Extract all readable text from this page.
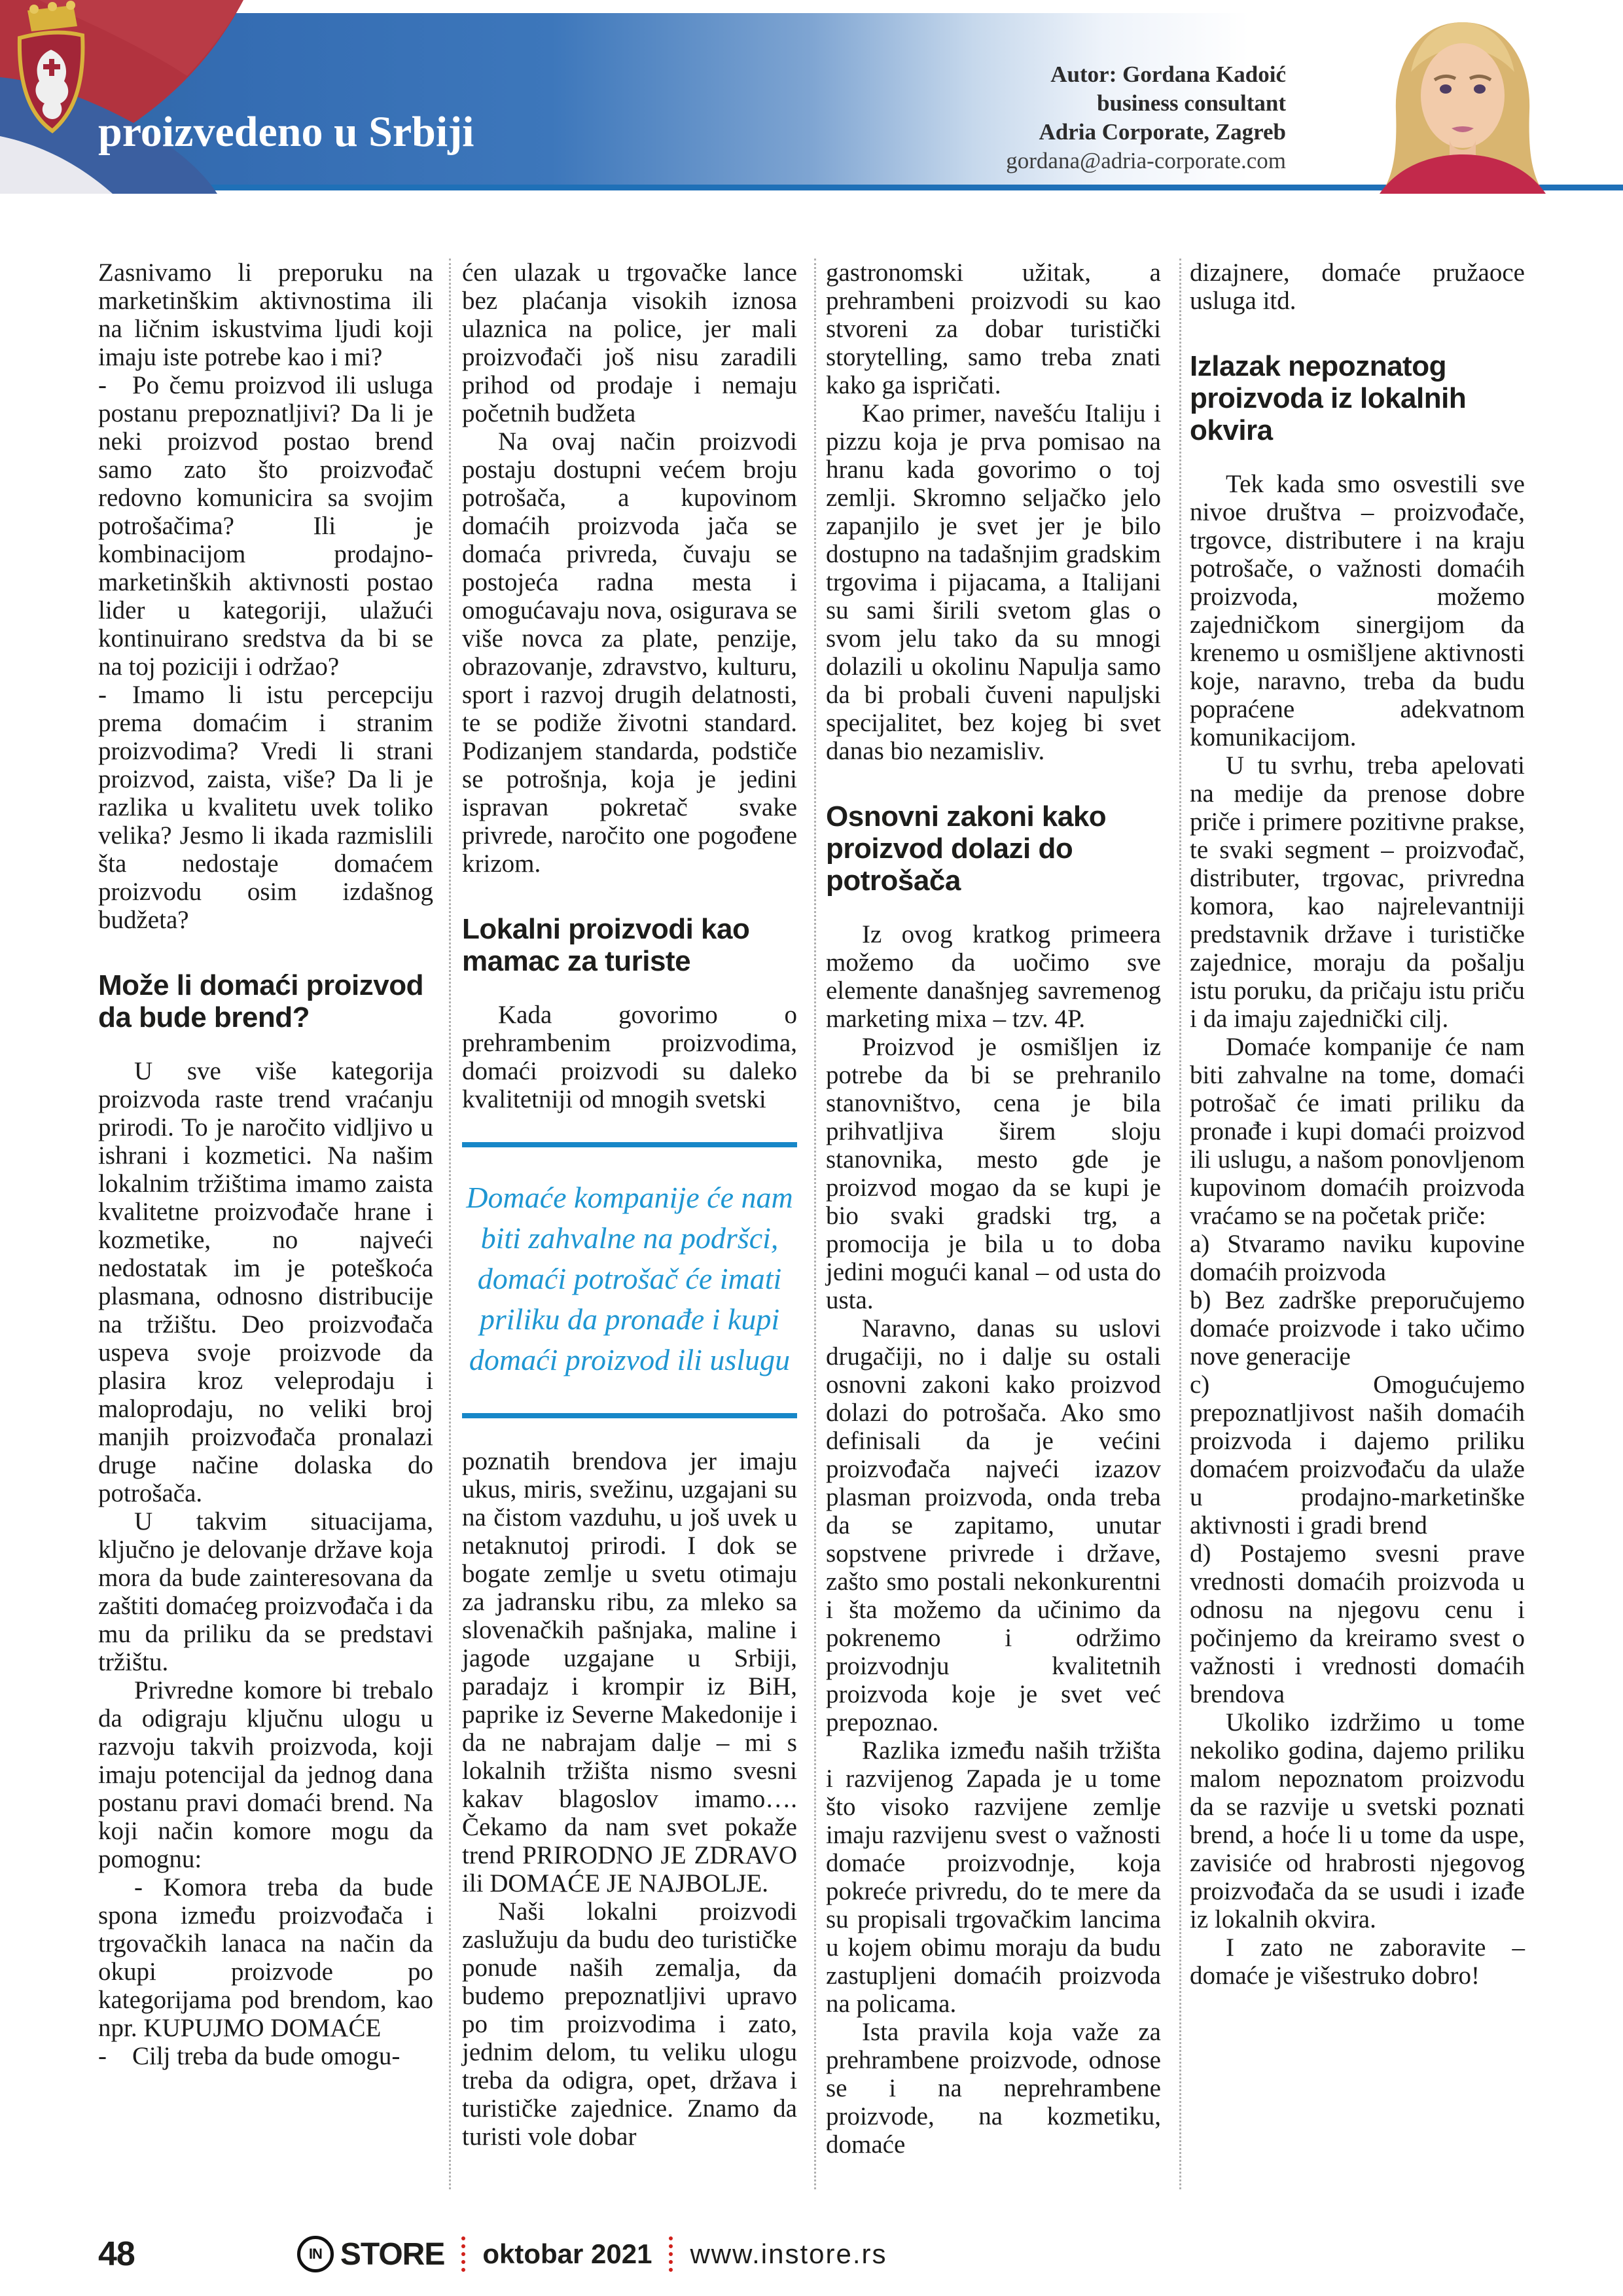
proizvedeno u Srbiji
Autor: Gordana Kadoić
business consultant
Adria Corporate, Zagreb
gordana@adria-corporate.com

Zasnivamo li preporuku na marketinškim aktivnostima ili na ličnim iskustvima ljudi koji imaju iste potrebe kao i mi?

-  Po čemu proizvod ili usluga postanu prepoznatljivi? Da li je neki proizvod postao brend samo zato što proizvođač redovno komunicira sa svojim potrošačima? Ili je kombinacijom prodajno-marketinških aktivnosti postao lider u kategoriji, ulažući kontinuirano sredstva da bi se na toj poziciji i održao?

-  Imamo li istu percepciju prema domaćim i stranim proizvodima? Vredi li strani proizvod, zaista, više? Da li je razlika u kvalitetu uvek toliko velika? Jesmo li ikada razmislili šta nedostaje domaćem proizvodu osim izdašnog budžeta?

Može li domaći proizvod da bude brend?

U sve više kategorija proizvoda raste trend vraćanju prirodi. To je naročito vidljivo u ishrani i kozmetici. Na našim lokalnim tržištima imamo zaista kvalitetne proizvođače hrane i kozmetike, no najveći nedostatak im je poteškoća plasmana, odnosno distribucije na tržištu. Deo proizvođača uspeva svoje proizvode da plasira kroz veleprodaju i maloprodaju, no veliki broj manjih proizvođača pronalazi druge načine dolaska do potrošača.

U takvim situacijama, ključno je delovanje države koja mora da bude zainteresovana da zaštiti domaćeg proizvođača i da mu da priliku da se predstavi tržištu.

Privredne komore bi trebalo da odigraju ključnu ulogu u razvoju takvih proizvoda, koji imaju potencijal da jednog dana postanu pravi domaći brend. Na koji način komore mogu da pomognu:

- Komora treba da bude spona između proizvođača i trgovačkih lanaca na način da okupi proizvode po kategorijama pod brendom, kao npr. KUPUJMO DOMAĆE

-  Cilj treba da bude omogu-

ćen ulazak u trgovačke lance bez plaćanja visokih iznosa ulaznica na police, jer mali proizvođači još nisu zaradili prihod od prodaje i nemaju početnih budžeta

Na ovaj način proizvodi postaju dostupni većem broju potrošača, a kupovinom domaćih proizvoda jača se domaća privreda, čuvaju se postojeća radna mesta i omogućavaju nova, osigurava se više novca za plate, penzije, obrazovanje, zdravstvo, kulturu, sport i razvoj drugih delatnosti, te se podiže životni standard. Podizanjem standarda, podstiče se potrošnja, koja je jedini ispravan pokretač svake privrede, naročito one pogođene krizom.

Lokalni proizvodi kao mamac za turiste

Kada govorimo o prehrambenim proizvodima, domaći proizvodi su daleko kvalitetniji od mnogih svetski

Domaće kompanije će nam biti zahvalne na podršci, domaći potrošač će imati priliku da pronađe i kupi domaći proizvod ili uslugu

poznatih brendova jer imaju ukus, miris, svežinu, uzgajani su na čistom vazduhu, u još uvek u netaknutoj prirodi. I dok se bogate zemlje u svetu otimaju za jadransku ribu, za mleko sa slovenačkih pašnjaka, maline i jagode uzgajane u Srbiji, paradajz i krompir iz BiH, paprike iz Severne Makedonije i da ne nabrajam dalje – mi s lokalnih tržišta nismo svesni kakav blagoslov imamo…. Čekamo da nam svet pokaže trend PRIRODNO JE ZDRAVO ili DOMAĆE JE NAJBOLJE.

Naši lokalni proizvodi zaslužuju da budu deo turističke ponude naših zemalja, da budemo prepoznatljivi upravo po tim proizvodima i zato, jednim delom, tu veliku ulogu treba da odigra, opet, država i turističke zajednice. Znamo da turisti vole dobar

gastronomski užitak, a prehrambeni proizvodi su kao stvoreni za dobar turistički storytelling, samo treba znati kako ga ispričati.

Kao primer, navešću Italiju i pizzu koja je prva pomisao na hranu kada govorimo o toj zemlji. Skromno seljačko jelo zapanjilo je svet jer je bilo dostupno na tadašnjim gradskim trgovima i pijacama, a Italijani su sami širili svetom glas o svom jelu tako da su mnogi dolazili u okolinu Napulja samo da bi probali čuveni napuljski specijalitet, bez kojeg bi svet danas bio nezamisliv.

Osnovni zakoni kako proizvod dolazi do potrošača

Iz ovog kratkog primeera možemo da uočimo sve elemente današnjeg savremenog marketing mixa – tzv. 4P.

Proizvod je osmišljen iz potrebe da bi se prehranilo stanovništvo, cena je bila prihvatljiva širem sloju stanovnika, mesto gde je proizvod mogao da se kupi je bio svaki gradski trg, a promocija je bila u to doba jedini mogući kanal – od usta do usta.

Naravno, danas su uslovi drugačiji, no i dalje su ostali osnovni zakoni kako proizvod dolazi do potrošača. Ako smo definisali da je većini proizvođača najveći izazov plasman proizvoda, onda treba da se zapitamo, unutar sopstvene privrede i države, zašto smo postali nekonkurentni i šta možemo da učinimo da pokrenemo i održimo proizvodnju kvalitetnih proizvoda koje je svet već prepoznao.

Razlika između naših tržišta i razvijenog Zapada je u tome što visoko razvijene zemlje imaju razvijenu svest o važnosti domaće proizvodnje, koja pokreće privredu, do te mere da su propisali trgovačkim lancima u kojem obimu moraju da budu zastupljeni domaćih proizvoda na policama.

Ista pravila koja važe za prehrambene proizvode, odnose se i na neprehrambene proizvode, na kozmetiku, domaće

dizajnere, domaće pružaoce usluga itd.

Izlazak nepoznatog proizvoda iz lokalnih okvira

Tek kada smo osvestili sve nivoe društva – proizvođače, trgovce, distributere i na kraju potrošače, o važnosti domaćih proizvoda, možemo zajedničkom sinergijom da krenemo u osmišljene aktivnosti koje, naravno, treba da budu popraćene adekvatnom komunikacijom.

U tu svrhu, treba apelovati na medije da prenose dobre priče i primere pozitivne prakse, te svaki segment – proizvođač, distributer, trgovac, privredna komora, kao najrelevantniji predstavnik države i turističke zajednice, moraju da pošalju istu poruku, da pričaju istu priču i da imaju zajednički cilj.

Domaće kompanije će nam biti zahvalne na tome, domaći potrošač će imati priliku da pronađe i kupi domaći proizvod ili uslugu, a našom ponovljenom kupovinom domaćih proizvoda vraćamo se na početak priče:

a) Stvaramo naviku kupovine domaćih proizvoda

b) Bez zadrške preporučujemo domaće proizvode i tako učimo nove generacije

c) Omogućujemo prepoznatljivost naših domaćih proizvoda i dajemo priliku domaćem proizvođaču da ulaže u prodajno-marketinške aktivnosti i gradi brend

d) Postajemo svesni prave vrednosti domaćih proizvoda u odnosu na njegovu cenu i počinjemo da kreiramo svest o važnosti i vrednosti domaćih brendova

Ukoliko izdržimo u tome nekoliko godina, dajemo priliku malom nepoznatom proizvodu da se razvije u svetski poznati brend, a hoće li u tome da uspe, zavisiće od hrabrosti njegovog proizvođača da se usudi i izađe iz lokalnih okvira.

I zato ne zaboravite – domaće je višestruko dobro!

48	IN STORE oktobar 2021 www.instore.rs
